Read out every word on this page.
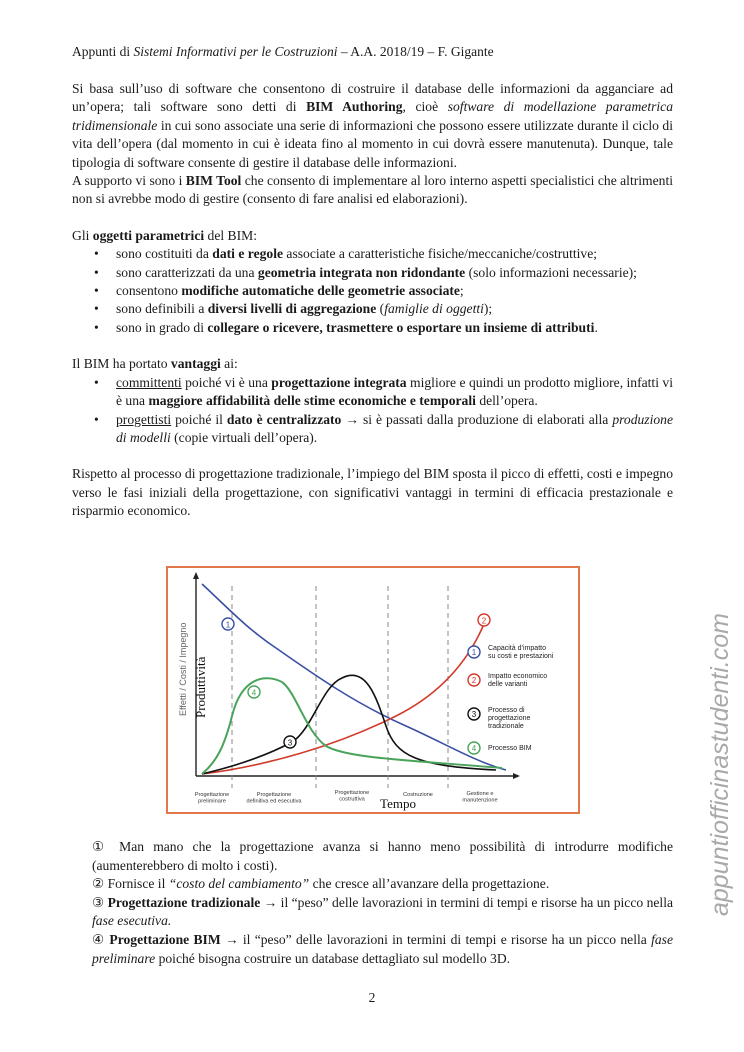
Appunti di Sistemi Informativi per le Costruzioni – A.A. 2018/19 – F. Gigante

Si basa sull’uso di software che consentono di costruire il database delle informazioni da agganciare ad un’opera; tali software sono detti di BIM Authoring, cioè software di modellazione parametrica tridimensionale in cui sono associate una serie di informazioni che possono essere utilizzate durante il ciclo di vita dell’opera (dal momento in cui è ideata fino al momento in cui dovrà essere manutenuta). Dunque, tale tipologia di software consente di gestire il database delle informazioni.

A supporto vi sono i BIM Tool che consento di implementare al loro interno aspetti specialistici che altrimenti non si avrebbe modo di gestire (consento di fare analisi ed elaborazioni).

Gli oggetti parametrici del BIM:

• sono costituiti da dati e regole associate a caratteristiche fisiche/meccaniche/costruttive;
• sono caratterizzati da una geometria integrata non ridondante (solo informazioni necessarie);
• consentono modifiche automatiche delle geometrie associate;
• sono definibili a diversi livelli di aggregazione (famiglie di oggetti);
• sono in grado di collegare o ricevere, trasmettere o esportare un insieme di attributi.

Il BIM ha portato vantaggi ai:

• committenti poiché vi è una progettazione integrata migliore e quindi un prodotto migliore, infatti vi è una maggiore affidabilità delle stime economiche e temporali dell’opera.
• progettisti poiché il dato è centralizzato → si è passati dalla produzione di elaborati alla produzione di modelli (copie virtuali dell’opera).

Rispetto al processo di progettazione tradizionale, l’impiego del BIM sposta il picco di effetti, costi e impegno verso le fasi iniziali della progettazione, con significativi vantaggi in termini di efficacia prestazionale e risparmio economico.

1	2
3
4
Effetti / Costi / Impegno Produttività
Progettazione preliminare
Progettazione definitiva ed esecutiva
Progettazione costruttiva
Costruzione	Gestione e manutenzione
Tempo
1 Capacità d’impatto su costi e prestazioni
2 Impatto economico delle varianti
3 Processo di progettazione tradizionale
4 Processo BIM

① Man mano che la progettazione avanza si hanno meno possibilità di introdurre modifiche (aumenterebbero di molto i costi).

② Fornisce il “costo del cambiamento” che cresce all’avanzare della progettazione.

③ Progettazione tradizionale → il “peso” delle lavorazioni in termini di tempi e risorse ha un picco nella fase esecutiva.

④ Progettazione BIM → il “peso” delle lavorazioni in termini di tempi e risorse ha un picco nella fase preliminare poiché bisogna costruire un database dettagliato sul modello 3D.

appuntiofficinastudenti.com
2
